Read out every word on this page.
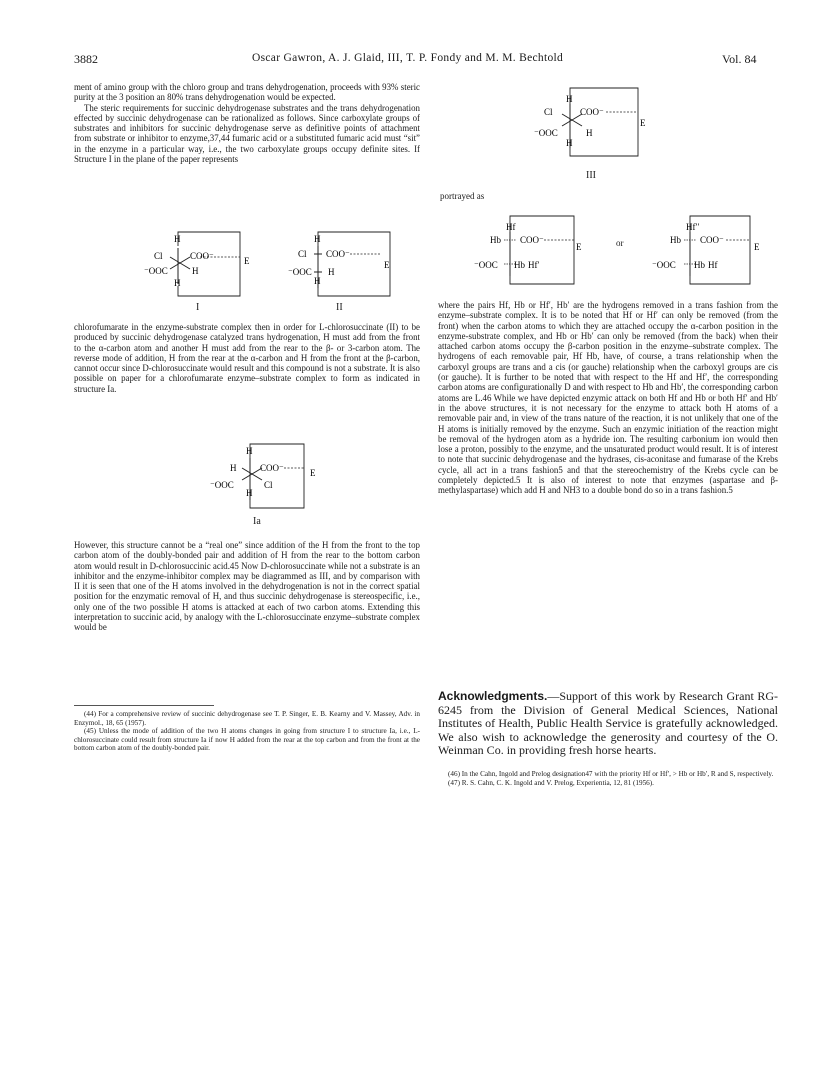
3882	Oscar Gawron, A. J. Glaid, III, T. P. Fondy and M. M. Bechtold	Vol. 84

ment of amino group with the chloro group and trans dehydrogenation, proceeds with 93% steric purity at the 3 position an 80% trans dehydrogenation would be expected.

The steric requirements for succinic dehydrogenase substrates and the trans dehydrogenation effected by succinic dehydrogenase can be rationalized as follows. Since carboxylate groups of substrates and inhibitors for succinic dehydrogenase serve as definitive points of attachment from substrate or inhibitor to enzyme,37,44 fumaric acid or a substituted fumaric acid must “sit” in the enzyme in a particular way, i.e., the two carboxylate groups occupy definite sites. If Structure I in the plane of the paper represents

H
Cl	COO⁻
⁻OOC	H
H
E
I
H
Cl COO⁻
⁻OOC H
H
E
II

chlorofumarate in the enzyme-substrate complex then in order for L-chlorosuccinate (II) to be produced by succinic dehydrogenase catalyzed trans hydrogenation, H must add from the front to the α-carbon atom and another H must add from the rear to the β- or 3-carbon atom. The reverse mode of addition, H from the rear at the α-carbon and H from the front at the β-carbon, cannot occur since D-chlorosuccinate would result and this compound is not a substrate. It is also possible on paper for a chlorofumarate enzyme–substrate complex to form as indicated in structure Ia.

H
H	COO⁻
⁻OOC	Cl
H
E
Ia

However, this structure cannot be a “real one” since addition of the H from the front to the top carbon atom of the doubly-bonded pair and addition of H from the rear to the bottom carbon atom would result in D-chlorosuccinic acid.45 Now D-chlorosuccinate while not a substrate is an inhibitor and the enzyme-inhibitor complex may be diagrammed as III, and by comparison with II it is seen that one of the H atoms involved in the dehydrogenation is not in the correct spatial position for the enzymatic removal of H, and thus succinic dehydrogenase is stereospecific, i.e., only one of the two possible H atoms is attacked at each of two carbon atoms. Extending this interpretation to succinic acid, by analogy with the L-chlorosuccinate enzyme–substrate complex would be

(44) For a comprehensive review of succinic dehydrogenase see T. P. Singer, E. B. Kearny and V. Massey, Adv. in Enzymol., 18, 65 (1957).

(45) Unless the mode of addition of the two H atoms changes in going from structure I to structure Ia, i.e., L-chlorosuccinate could result from structure Ia if now H added from the rear at the top carbon and from the front at the bottom carbon atom of the doubly-bonded pair.

H
Cl	COO⁻
⁻OOC	H
H
E
III
portrayed as
Hf
Hb COO⁻
⁻OOC Hb Hf′
E	or
Hf′′
Hb COO⁻
⁻OOC Hb Hf
E

where the pairs Hf, Hb or Hf′, Hb′ are the hydrogens removed in a trans fashion from the enzyme–substrate complex. It is to be noted that Hf or Hf′ can only be removed (from the front) when the carbon atoms to which they are attached occupy the α-carbon position in the enzyme-substrate complex, and Hb or Hb′ can only be removed (from the back) when their attached carbon atoms occupy the β-carbon position in the enzyme–substrate complex. The hydrogens of each removable pair, Hf Hb, have, of course, a trans relationship when the carboxyl groups are trans and a cis (or gauche) relationship when the carboxyl groups are cis (or gauche). It is further to be noted that with respect to the Hf and Hf′, the corresponding carbon atoms are configurationally D and with respect to Hb and Hb′, the corresponding carbon atoms are L.46 While we have depicted enzymic attack on both Hf and Hb or both Hf′ and Hb′ in the above structures, it is not necessary for the enzyme to attack both H atoms of a removable pair and, in view of the trans nature of the reaction, it is not unlikely that one of the H atoms is initially removed by the enzyme. Such an enzymic initiation of the reaction might be removal of the hydrogen atom as a hydride ion. The resulting carbonium ion would then lose a proton, possibly to the enzyme, and the unsaturated product would result. It is of interest to note that succinic dehydrogenase and the hydrases, cis-aconitase and fumarase of the Krebs cycle, all act in a trans fashion5 and that the stereochemistry of the Krebs cycle can be completely depicted.5 It is also of interest to note that enzymes (aspartase and β-methylaspartase) which add H and NH3 to a double bond do so in a trans fashion.5

Acknowledgments.—Support of this work by Research Grant RG-6245 from the Division of General Medical Sciences, National Institutes of Health, Public Health Service is gratefully acknowledged. We also wish to acknowledge the generosity and courtesy of the O. Weinman Co. in providing fresh horse hearts.

(46) In the Cahn, Ingold and Prelog designation47 with the priority Hf or Hf′, > Hb or Hb′, R and S, respectively.

(47) R. S. Cahn, C. K. Ingold and V. Prelog, Experientia, 12, 81 (1956).
